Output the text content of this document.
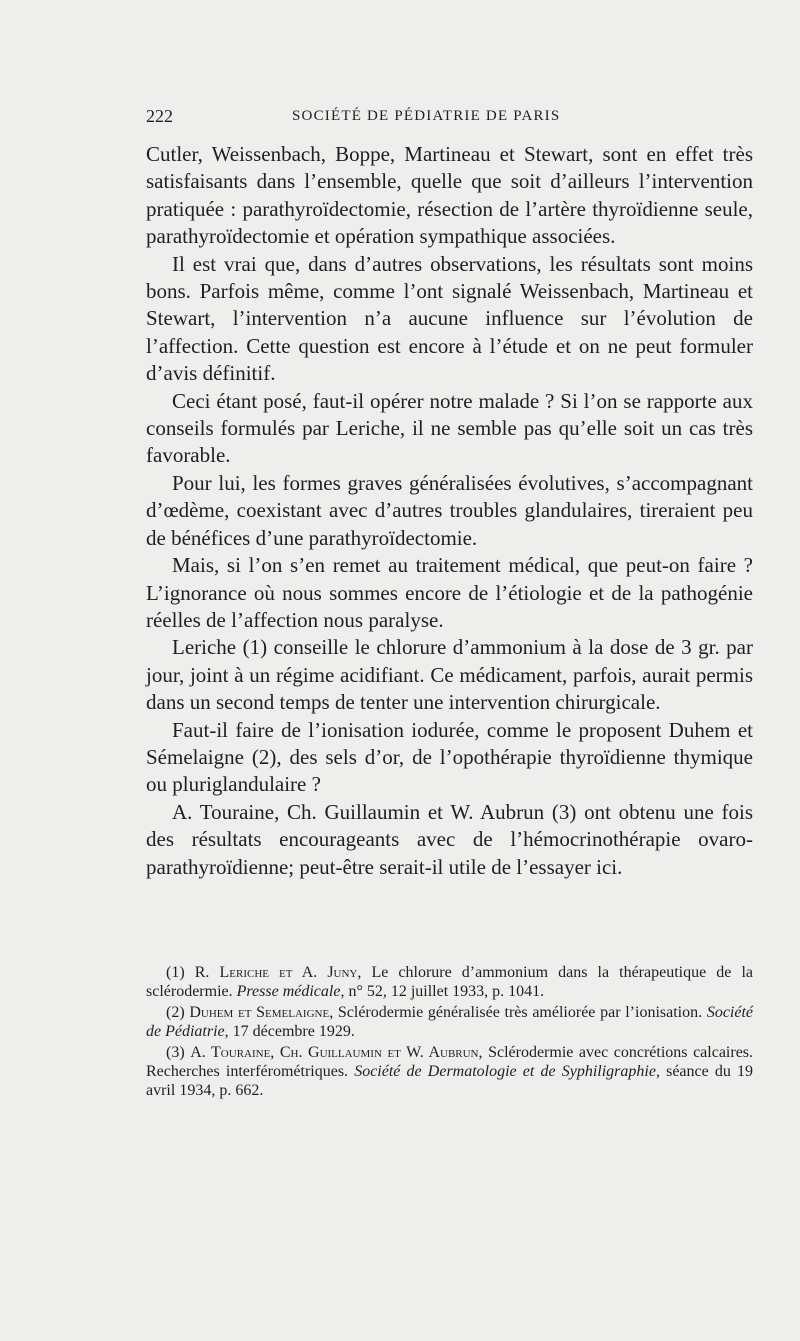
222	SOCIÉTÉ DE PÉDIATRIE DE PARIS

Cutler, Weissenbach, Boppe, Martineau et Stewart, sont en effet très satisfaisants dans l’ensemble, quelle que soit d’ailleurs l’intervention pratiquée : parathyroïdectomie, résection de l’artère thyroïdienne seule, parathyroïdectomie et opération sympathique associées.

Il est vrai que, dans d’autres observations, les résultats sont moins bons. Parfois même, comme l’ont signalé Weissenbach, Martineau et Stewart, l’intervention n’a aucune influence sur l’évolution de l’affection. Cette question est encore à l’étude et on ne peut formuler d’avis définitif.

Ceci étant posé, faut-il opérer notre malade ? Si l’on se rapporte aux conseils formulés par Leriche, il ne semble pas qu’elle soit un cas très favorable.

Pour lui, les formes graves généralisées évolutives, s’accompagnant d’œdème, coexistant avec d’autres troubles glandulaires, tireraient peu de bénéfices d’une parathyroïdectomie.

Mais, si l’on s’en remet au traitement médical, que peut-on faire ? L’ignorance où nous sommes encore de l’étiologie et de la pathogénie réelles de l’affection nous paralyse.

Leriche (1) conseille le chlorure d’ammonium à la dose de 3 gr. par jour, joint à un régime acidifiant. Ce médicament, parfois, aurait permis dans un second temps de tenter une intervention chirurgicale.

Faut-il faire de l’ionisation iodurée, comme le proposent Duhem et Sémelaigne (2), des sels d’or, de l’opothérapie thyroïdienne thymique ou pluriglandulaire ?

A. Touraine, Ch. Guillaumin et W. Aubrun (3) ont obtenu une fois des résultats encourageants avec de l’hémocrinothérapie ovaro-parathyroïdienne; peut-être serait-il utile de l’essayer ici.

(1) R. Leriche et A. Juny, Le chlorure d’ammonium dans la thérapeutique de la sclérodermie. Presse médicale, n° 52, 12 juillet 1933, p. 1041.

(2) Duhem et Semelaigne, Sclérodermie généralisée très améliorée par l’ionisation. Société de Pédiatrie, 17 décembre 1929.

(3) A. Touraine, Ch. Guillaumin et W. Aubrun, Sclérodermie avec concrétions calcaires. Recherches interférométriques. Société de Dermatologie et de Syphiligraphie, séance du 19 avril 1934, p. 662.
